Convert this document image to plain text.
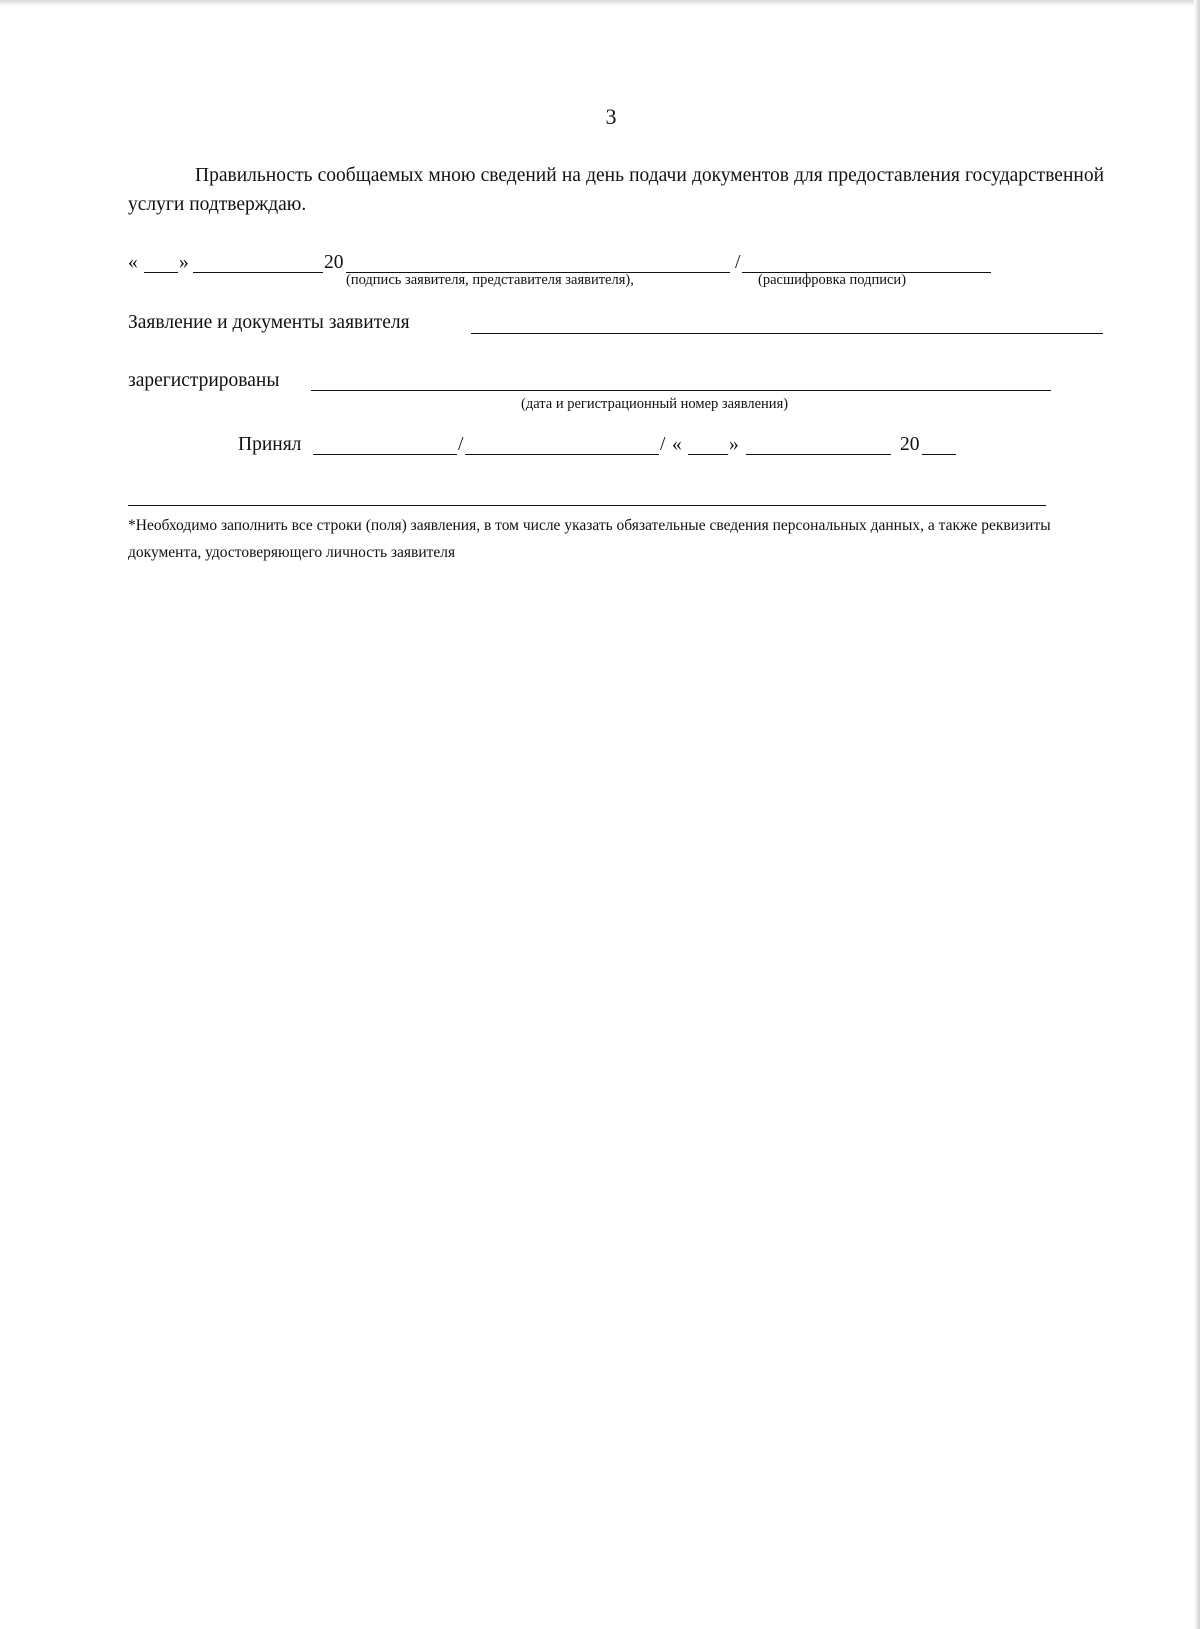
3
Правильность сообщаемых мною сведений на день подачи документов для предоставления государственной услуги подтверждаю.
« »	20	/
(подпись заявителя, представителя заявителя),	(расшифровка подписи)
Заявление и документы заявителя
зарегистрированы
(дата и регистрационный номер заявления)
Принял	/	/ « »	20
*Необходимо заполнить все строки (поля) заявления, в том числе указать обязательные сведения персональных данных, а также реквизиты документа, удостоверяющего личность заявителя
